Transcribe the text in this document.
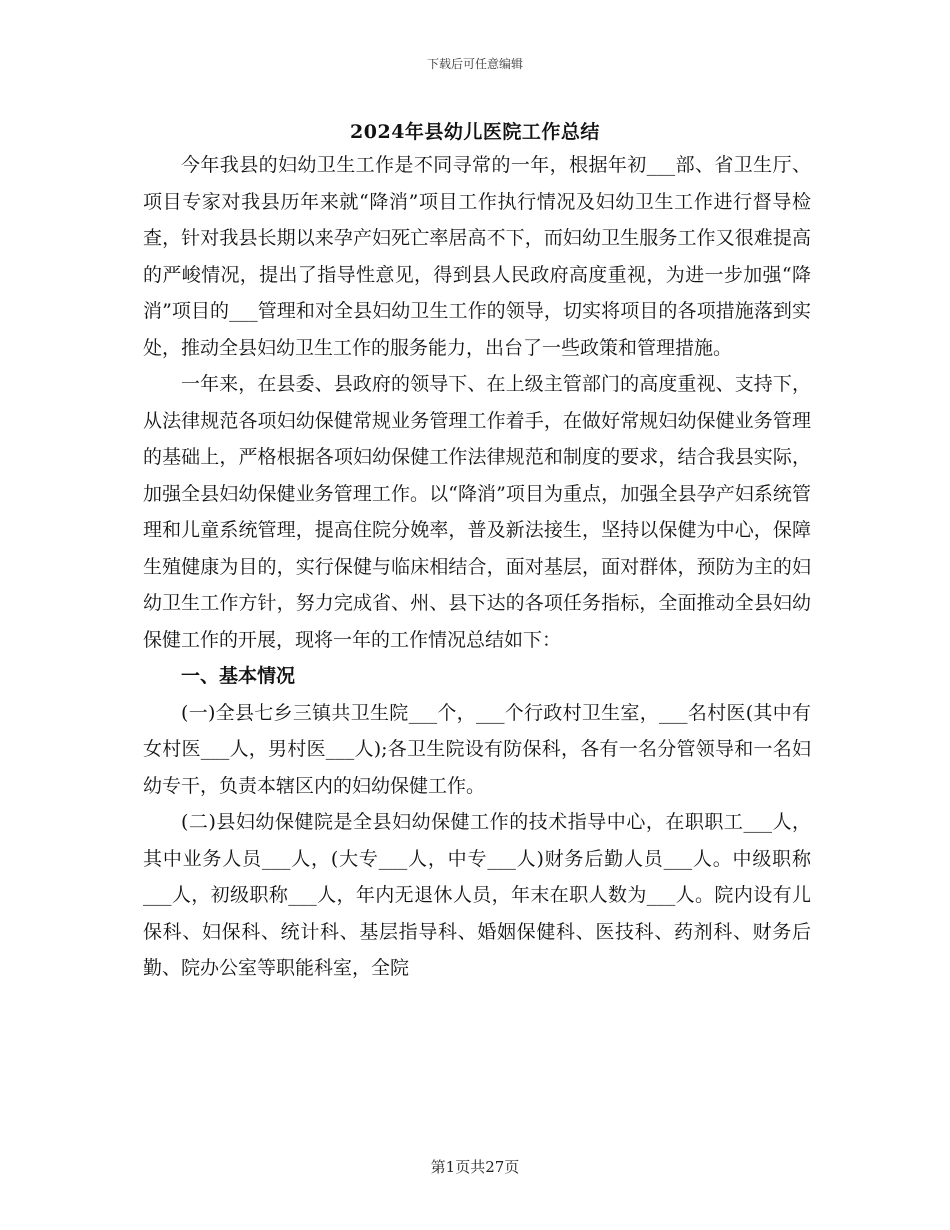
下载后可任意编辑
2024年县幼儿医院工作总结

今年我县的妇幼卫生工作是不同寻常的一年，根据年初___部、省卫生厅、项目专家对我县历年来就“降消”项目工作执行情况及妇幼卫生工作进行督导检查，针对我县长期以来孕产妇死亡率居高不下，而妇幼卫生服务工作又很难提高的严峻情况，提出了指导性意见，得到县人民政府高度重视，为进一步加强“降消”项目的___管理和对全县妇幼卫生工作的领导，切实将项目的各项措施落到实处，推动全县妇幼卫生工作的服务能力，出台了一些政策和管理措施。

一年来，在县委、县政府的领导下、在上级主管部门的高度重视、支持下，从法律规范各项妇幼保健常规业务管理工作着手，在做好常规妇幼保健业务管理的基础上，严格根据各项妇幼保健工作法律规范和制度的要求，结合我县实际，加强全县妇幼保健业务管理工作。以“降消”项目为重点，加强全县孕产妇系统管理和儿童系统管理，提高住院分娩率，普及新法接生，坚持以保健为中心，保障生殖健康为目的，实行保健与临床相结合，面对基层，面对群体，预防为主的妇幼卫生工作方针，努力完成省、州、县下达的各项任务指标，全面推动全县妇幼保健工作的开展，现将一年的工作情况总结如下：

一、基本情况

(一)全县七乡三镇共卫生院___个，___个行政村卫生室，___名村医(其中有女村医___人，男村医___人);各卫生院设有防保科，各有一名分管领导和一名妇幼专干，负责本辖区内的妇幼保健工作。

(二)县妇幼保健院是全县妇幼保健工作的技术指导中心，在职职工___人，其中业务人员___人，(大专___人，中专___人)财务后勤人员___人。中级职称___人，初级职称___人，年内无退休人员，年末在职人数为___人。院内设有儿保科、妇保科、统计科、基层指导科、婚姻保健科、医技科、药剂科、财务后勤、院办公室等职能科室，全院

第1页共27页
